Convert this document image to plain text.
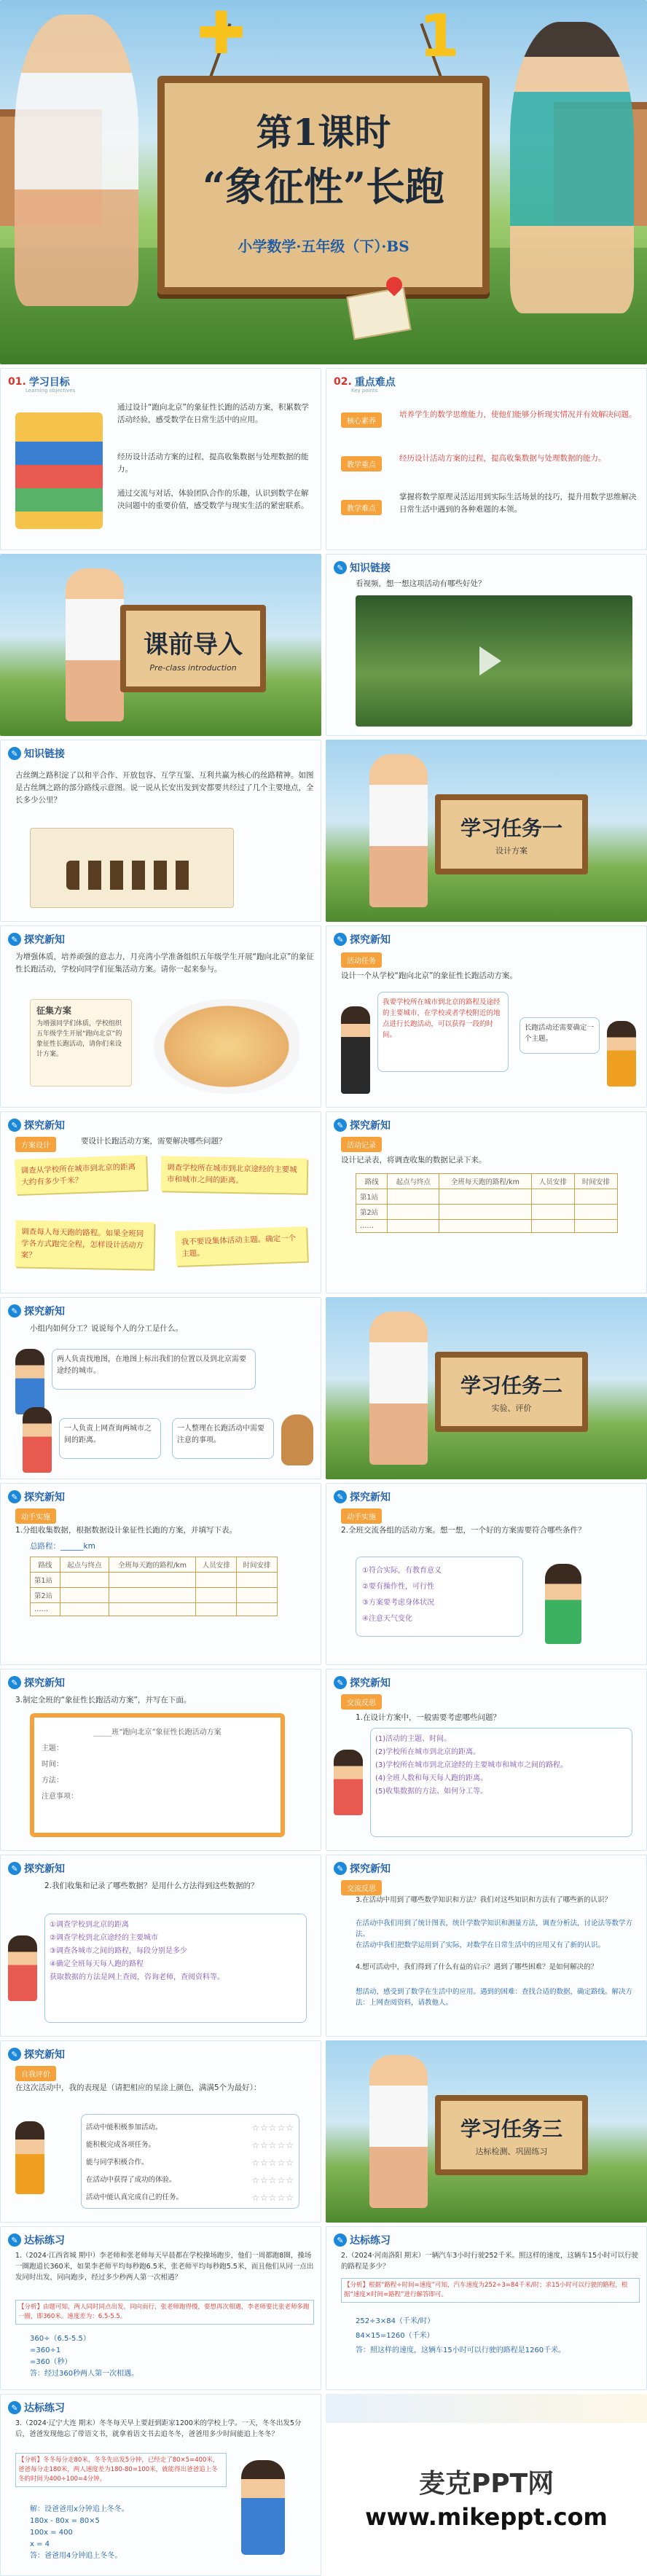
✚	1
第1课时
“象征性”长跑
小学数学·五年级（下）·BS
01. 学习目标
Learning objectives
通过设计“跑向北京”的象征性长跑的活动方案，积累数学活动经验，感受数学在日常生活中的应用。
经历设计活动方案的过程，提高收集数据与处理数据的能力。
通过交流与对话，体验团队合作的乐趣，认识到数学在解决问题中的重要价值，感受数学与现实生活的紧密联系。
02. 重点难点
Key points
核心素养
培养学生的数学思维能力，使他们能够分析现实情况并有效解决问题。
教学重点
经历设计活动方案的过程，提高收集数据与处理数据的能力。
教学难点
掌握将数学原理灵活运用到实际生活场景的技巧，提升用数学思维解决日常生活中遇到的各种难题的本领。
课前导入
Pre-class introduction
✎ 知识链接
看视频，想一想这项活动有哪些好处？
✎ 知识链接
古丝绸之路积淀了以和平合作、开放包容、互学互鉴、互利共赢为核心的丝路精神。如图是古丝绸之路的部分路线示意图。说一说从长安出发到安都要共经过了几个主要地点，全长多少公里？
学习任务一
设计方案
✎ 探究新知
为增强体质，培养顽强的意志力，月亮湾小学准备组织五年级学生开展“跑向北京”的象征性长跑活动，学校向同学们征集活动方案。请你一起来参与。
征集方案
为增强同学们体质，学校组织五年级学生开展“跑向北京”的象征性长跑活动，请你们来设计方案。
✎ 探究新知
活动任务
设计一个从学校“跑向北京”的象征性长跑活动方案。
我要学校所在城市到北京的路程及途经的主要城市，在学校或者学校附近的地点进行长跑活动，可以获得一段的时间。
长跑活动还需要确定一个主题。
✎ 探究新知
方案设计
要设计长跑活动方案，需要解决哪些问题？
调查从学校所在城市到北京的距离大约有多少千米？
调查学校所在城市到北京途经的主要城市和城市之间的距离。
调查每人每天跑的路程。如果全班同学各方式跑完全程，怎样设计活动方案？
我不要设集体活动主题。确定一个主题。
✎ 探究新知
活动记录
设计记录表，将调查收集的数据记录下来。
路线	起点与终点	全班每天跑的路程/km	人员安排	时间安排
第1站				
第2站				
……				
✎ 探究新知
小组内如何分工？说说每个人的分工是什么。
两人负责找地图，在地图上标出我们的位置以及到北京需要途经的城市。
一人负责上网查询两城市之间的距离。
一人整理在长跑活动中需要注意的事项。
学习任务二
实验、评价
✎ 探究新知
动手实施
1.分组收集数据，根据数据设计象征性长跑的方案，并填写下表。
总路程：______km
路线	起点与终点	全班每天跑的路程/km	人员安排	时间安排
第1站				
第2站				
……				
✎ 探究新知
动手实施
2.全班交流各组的活动方案。想一想，一个好的方案需要符合哪些条件？
①符合实际，有教育意义
②要有操作性，可行性
③方案要考虑身体状况
④注意天气变化
✎ 探究新知
3.制定全班的“象征性长跑活动方案”，并写在下面。
_____班“跑向北京”象征性长跑活动方案
主题：
时间：
方法：
注意事项：
✎ 探究新知
交流反思
1.在设计方案中，一般需要考虑哪些问题？
(1)活动的主题、时间。
(2)学校所在城市到北京的距离。
(3)学校所在城市到北京途经的主要城市和城市之间的路程。
(4)全班人数和每天每人跑的距离。
(5)收集数据的方法、如何分工等。
✎ 探究新知
2.我们收集和记录了哪些数据？是用什么方法得到这些数据的？
①调查学校到北京的距离
②调查学校到北京途经的主要城市
③调查各城市之间的路程，每段分别是多少
④确定全班每天每人跑的路程
获取数据的方法是网上查阅，咨询老师，查阅资料等。
✎ 探究新知
交流反思
3.在活动中用到了哪些数学知识和方法？我们对这些知识和方法有了哪些新的认识？
在活动中我们用到了统计图表，统计学数学知识和测量方法，调查分析法，讨论法等数学方法。
在活动中我们把数学运用到了实际，对数学在日常生活中的应用又有了新的认识。
4.想可活动中，我们得到了什么有益的启示？遇到了哪些困难？是如何解决的？
想活动，感受到了数学在生活中的应用。遇到的困难：查找合适的数据，确定路线。解决方法：上网查阅资料，请教他人。
✎ 探究新知
自我评价
在这次活动中，我的表现是（请把相应的星涂上颜色，满满5个为最好）：
活动中能积极参加活动。	☆☆☆☆☆
能积极完成各项任务。	☆☆☆☆☆
能与同学积极合作。	☆☆☆☆☆
在活动中获得了成功的体验。	☆☆☆☆☆
活动中能认真完成自己的任务。	☆☆☆☆☆
学习任务三
达标检测、巩固练习
✎ 达标练习
1.（2024·江西省城 期中）李老师和张老师每天早晨都在学校操场跑步，他们一周都跑8圈，操场一圈跑道长360米，如果李老师平均每秒跑6.5米，张老师平均每秒跑5.5米，而且他们从同一点出发同时出发，同向跑步，经过多少秒两人第一次相遇？
【分析】由题可知，两人同时同点出发，同向而行，张老师跑得慢，要想再次相遇，李老师要比张老师多跑一圈，即360米。速度差为：6.5-5.5。
360÷（6.5-5.5）
=360÷1
=360（秒）
答：经过360秒两人第一次相遇。
✎ 达标练习
2.（2024·河南洛阳 期末）一辆汽车3小时行驶252千米。照这样的速度，这辆车15小时可以行驶的路程是多少？
【分析】根据“路程÷时间=速度”可知，汽车速度为252÷3=84千米/时；求15小时可以行驶的路程，根据“速度×时间=路程”进行解答即可。
252÷3×84（千米/时）
84×15=1260（千米）
答：照这样的速度，这辆车15小时可以行驶的路程是1260千米。
✎ 达标练习
3.（2024·辽宁大连 期末）冬冬每天早上要赶到距家1200米的学校上学。一天，冬冬出发5分后，爸爸发现他忘了带语文书，就拿着语文书去追冬冬，爸爸用多少时间能追上冬冬？
【分析】冬冬每分走80米，冬冬先出发5分钟，已经走了80×5=400米，爸爸每分走180米，两人速度差为180-80=100米，就能得出爸爸追上冬冬的时间为400÷100=4分钟。
解：设爸爸用x分钟追上冬冬。
180x - 80x = 80×5
100x = 400
x = 4
答：爸爸用4分钟追上冬冬。
麦克PPT网
www.mikeppt.com
